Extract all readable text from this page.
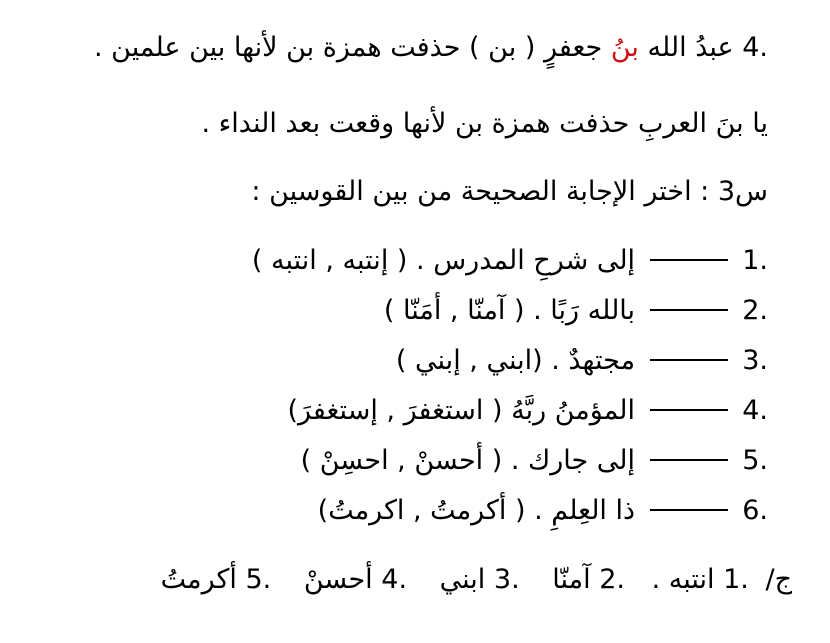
4. عبدُ الله بنُ جعفرٍ ( بن ) حذفت همزة بن لأنها بين علمين .
يا بنَ العربِ حذفت همزة بن لأنها وقعت بعد النداء .
س3 : اختر الإجابة الصحيحة من بين القوسين :
1.  إلى شرحِ المدرس . ( إنتبه , انتبه )
2.  بالله رَبًا . ( آمنّا , أمَنّا )
3.  مجتهدٌ . (ابني , إبني )
4.  المؤمنُ ربَّهُ ( استغفرَ , إستغفرَ)
5.  إلى جارك . ( أحسنْ , احسِنْ )
6.  ذا العِلمِ . ( أكرمتُ , اكرمتُ)
ج/ 1. انتبه . 2. آمنّا 3. ابني 4. أحسنْ 5. أكرمتُ
